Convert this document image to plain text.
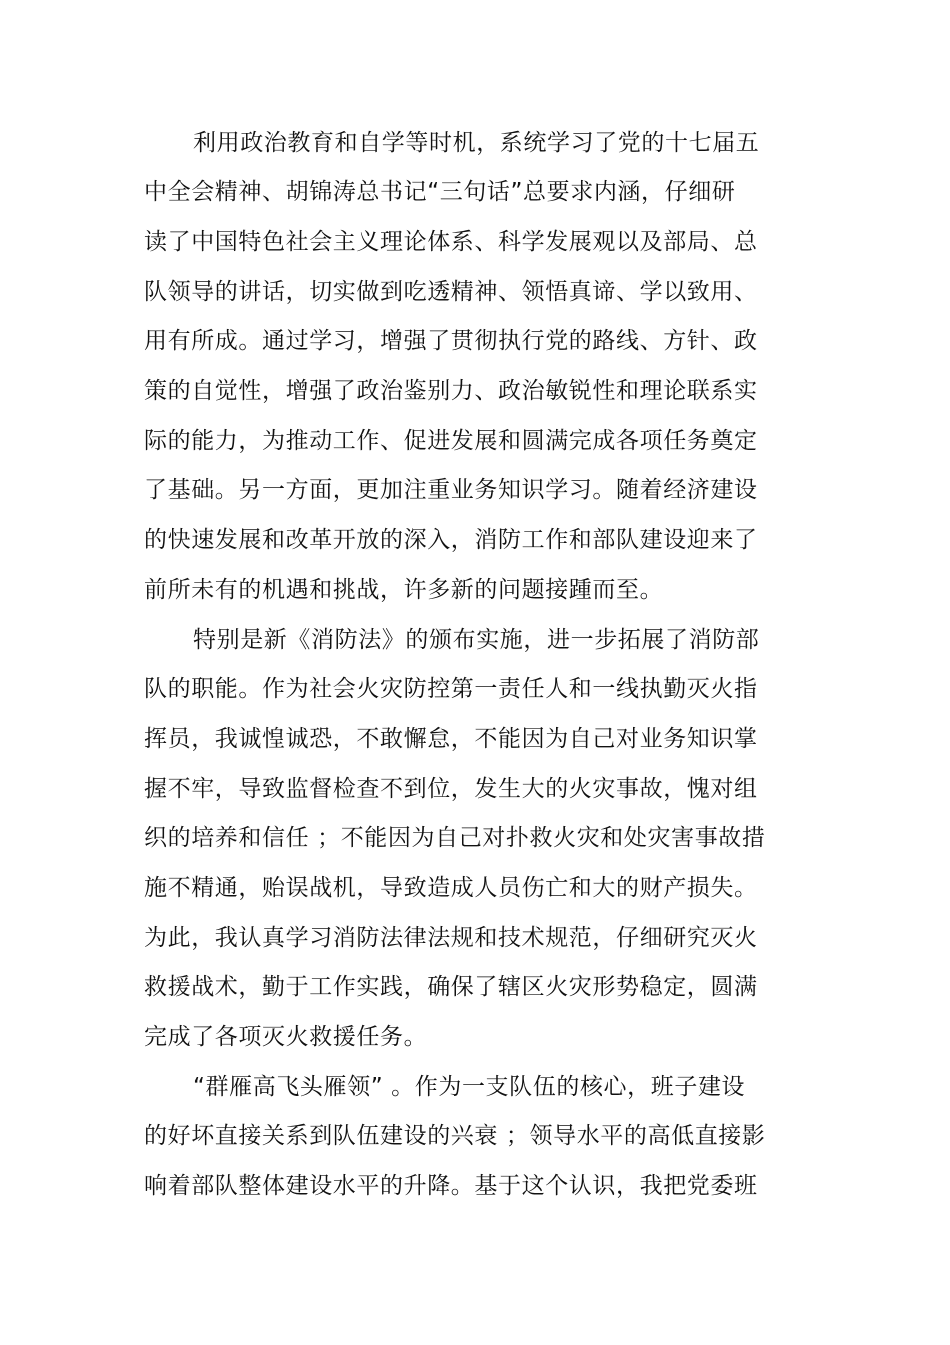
利用政治教育和自学等时机，系统学习了党的十七届五
中全会精神、胡锦涛总书记“三句话”总要求内涵，仔细研
读了中国特色社会主义理论体系、科学发展观以及部局、总
队领导的讲话，切实做到吃透精神、领悟真谛、学以致用、
用有所成。通过学习，增强了贯彻执行党的路线、方针、政
策的自觉性，增强了政治鉴别力、政治敏锐性和理论联系实
际的能力，为推动工作、促进发展和圆满完成各项任务奠定
了基础。另一方面，更加注重业务知识学习。随着经济建设
的快速发展和改革开放的深入，消防工作和部队建设迎来了
前所未有的机遇和挑战，许多新的问题接踵而至。
特别是新《消防法》的颁布实施，进一步拓展了消防部
队的职能。作为社会火灾防控第一责任人和一线执勤灭火指
挥员，我诚惶诚恐，不敢懈怠，不能因为自己对业务知识掌
握不牢，导致监督检查不到位，发生大的火灾事故，愧对组
织的培养和信任 ；不能因为自己对扑救火灾和处灾害事故措
施不精通，贻误战机，导致造成人员伤亡和大的财产损失。
为此，我认真学习消防法律法规和技术规范，仔细研究灭火
救援战术，勤于工作实践，确保了辖区火灾形势稳定，圆满
完成了各项灭火救援任务。
“群雁高飞头雁领” 。作为一支队伍的核心，班子建设
的好坏直接关系到队伍建设的兴衰 ；领导水平的高低直接影
响着部队整体建设水平的升降。基于这个认识，我把党委班
